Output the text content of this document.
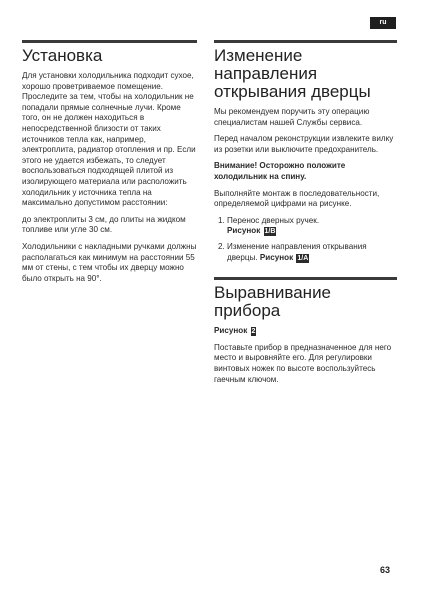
ru
Установка

Для установки холодильника подходит сухое, хорошо проветриваемое помещение. Проследите за тем, чтобы на холодильник не попадали прямые солнечные лучи. Кроме того, он не должен находиться в непосредственной близости от таких источников тепла как, например, электроплита, радиатор отопления и пр. Если этого не удается избежать, то следует воспользоваться подходящей плитой из изолирующего материала или расположить холодильник у источника тепла на максимально допустимом расстоянии:

до электроплиты 3 см, до плиты на жидком топливе или угле 30 см.

Холодильники с накладными ручками должны располагаться как минимум на расстоянии 55 мм от стены, с тем чтобы их дверцу можно было открыть на 90°.

Изменение направления открывания дверцы

Мы рекомендуем поручить эту операцию специалистам нашей Службы сервиса.

Перед началом реконструкции извлеките вилку из розетки или выключите предохранитель.

Внимание! Осторожно положите холодильник на спину.

Выполняйте монтаж в последовательности, определяемой цифрами на рисунке.

1. Перенос дверных ручек.
Рисунок 1/B
2. Изменение направления открывания дверцы. Рисунок 1/A
Выравнивание прибора

Рисунок 2

Поставьте прибор в предназначенное для него место и выровняйте его. Для регулировки винтовых ножек по высоте воспользуйтесь гаечным ключом.

63
